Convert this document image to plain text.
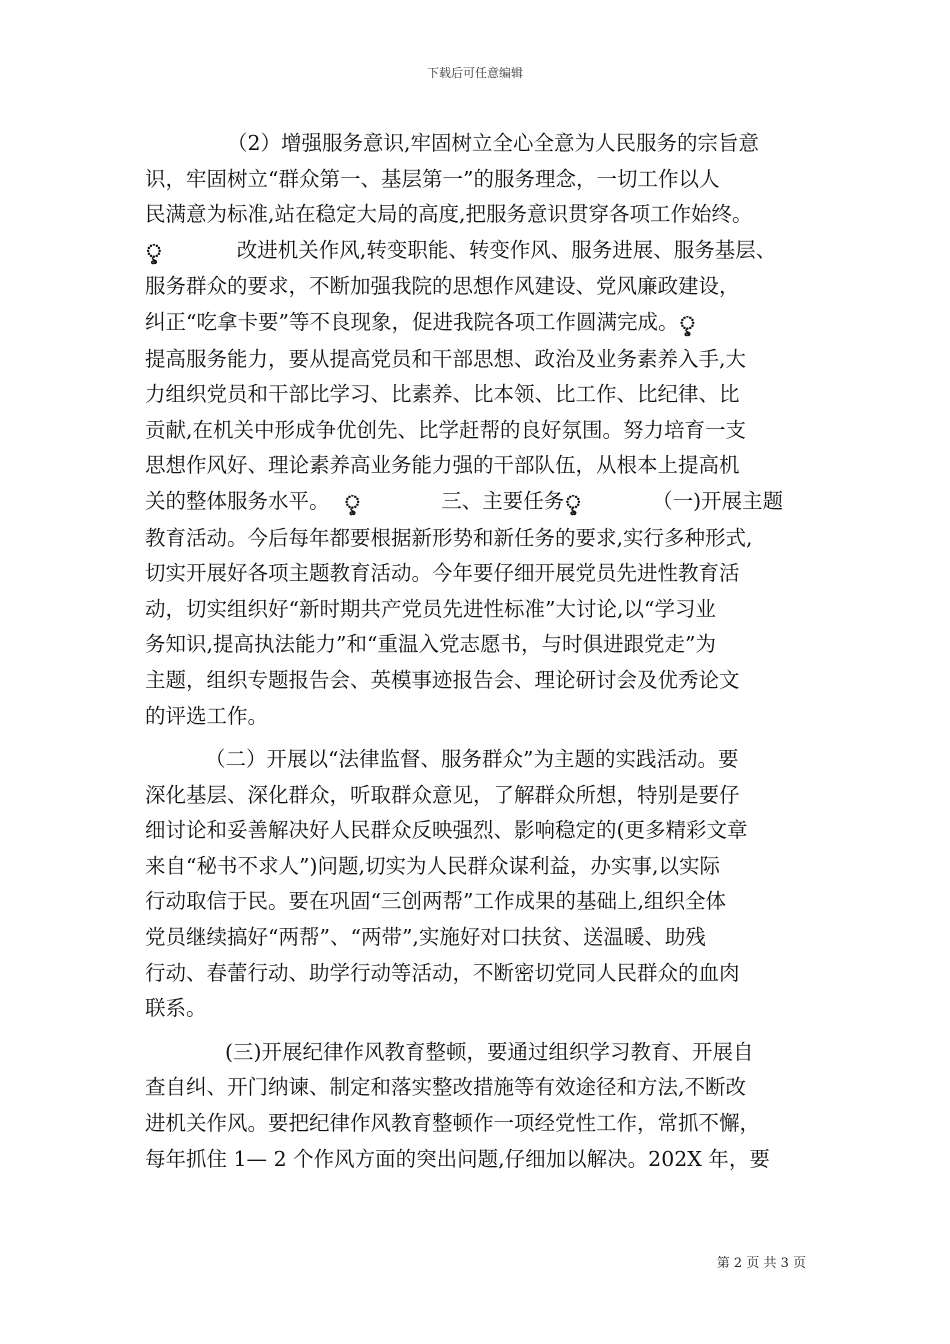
下载后可任意编辑

（2）增强服务意识,牢固树立全心全意为人民服务的宗旨意
识，牢固树立“群众第一、基层第一”的服务理念，一切工作以人
民满意为标准,站在稳定大局的高度,把服务意识贯穿各项工作始终。
ৢ	改进机关作风,转变职能、转变作风、服务进展、服务基层、
服务群众的要求，不断加强我院的思想作风建设、党风廉政建设，
纠正“吃拿卡要”等不良现象，促进我院各项工作圆满完成。ৢ
提高服务能力，要从提高党员和干部思想、政治及业务素养入手,大
力组织党员和干部比学习、比素养、比本领、比工作、比纪律、比
贡献,在机关中形成争优创先、比学赶帮的良好氛围。努力培育一支
思想作风好、理论素养高业务能力强的干部队伍，从根本上提高机
关的整体服务水平。 ৢ	三、主要任务ৢ	（一)开展主题
教育活动。今后每年都要根据新形势和新任务的要求,实行多种形式,
切实开展好各项主题教育活动。今年要仔细开展党员先进性教育活
动，切实组织好“新时期共产党员先进性标准”大讨论,以“学习业
务知识,提高执法能力”和“重温入党志愿书，与时俱进跟党走”为
主题，组织专题报告会、英模事迹报告会、理论研讨会及优秀论文
的评选工作。

（二）开展以“法律监督、服务群众”为主题的实践活动。要
深化基层、深化群众，听取群众意见，了解群众所想，特别是要仔
细讨论和妥善解决好人民群众反映强烈、影响稳定的(更多精彩文章
来自“秘书不求人”)问题,切实为人民群众谋利益，办实事,以实际
行动取信于民。要在巩固“三创两帮”工作成果的基础上,组织全体
党员继续搞好“两帮”、“两带”,实施好对口扶贫、送温暖、助残
行动、春蕾行动、助学行动等活动，不断密切党同人民群众的血肉
联系。

(三)开展纪律作风教育整顿，要通过组织学习教育、开展自
查自纠、开门纳谏、制定和落实整改措施等有效途径和方法,不断改
进机关作风。要把纪律作风教育整顿作一项经党性工作，常抓不懈，
每年抓住 1— 2 个作风方面的突出问题,仔细加以解决。202X 年，要

第 2 页 共 3 页
